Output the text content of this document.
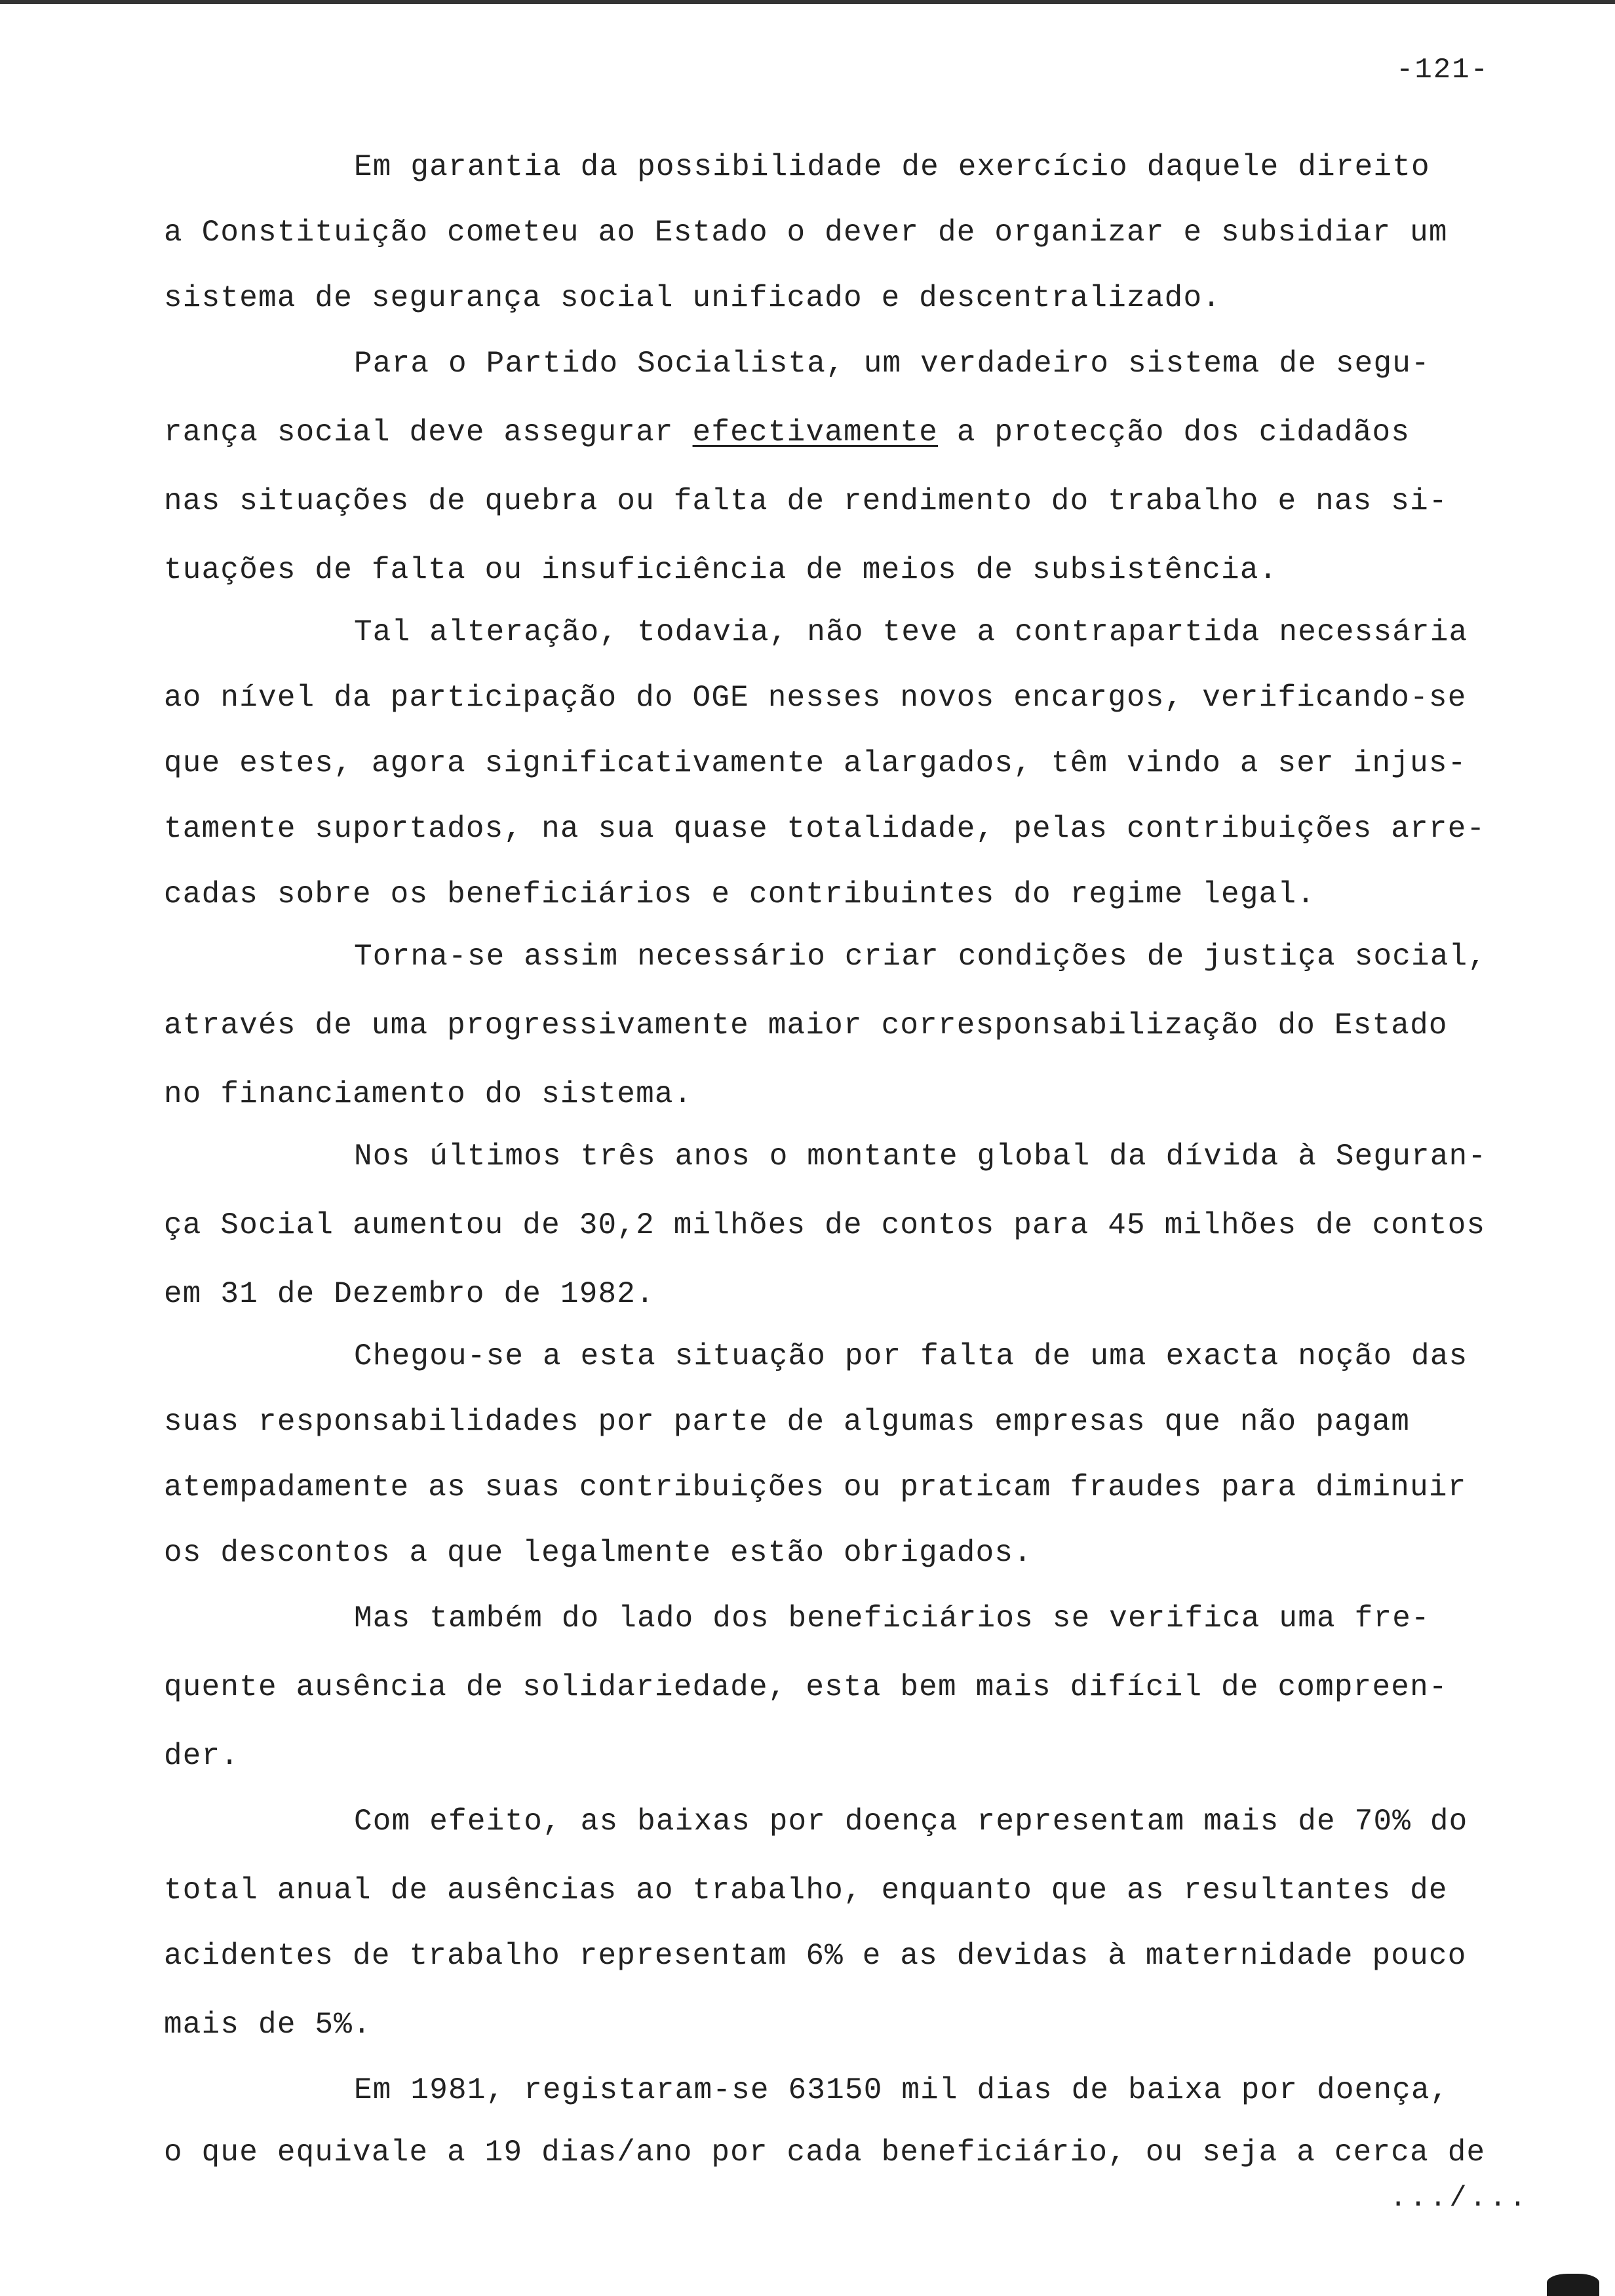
-121-
Em garantia da possibilidade de exercício daquele direito
a Constituição cometeu ao Estado o dever de organizar e subsidiar um
sistema de segurança social unificado e descentralizado.
Para o Partido Socialista, um verdadeiro sistema de segu-
rança social deve assegurar efectivamente a protecção dos cidadãos
nas situações de quebra ou falta de rendimento do trabalho e nas si-
tuações de falta ou insuficiência de meios de subsistência.
Tal alteração, todavia, não teve a contrapartida necessária
ao nível da participação do OGE nesses novos encargos, verificando-se
que estes, agora significativamente alargados, têm vindo a ser injus-
tamente suportados, na sua quase totalidade, pelas contribuições arre-
cadas sobre os beneficiários e contribuintes do regime legal.
Torna-se assim necessário criar condições de justiça social,
através de uma progressivamente maior corresponsabilização do Estado
no financiamento do sistema.
Nos últimos três anos o montante global da dívida à Seguran-
ça Social aumentou de 30,2 milhões de contos para 45 milhões de contos
em 31 de Dezembro de 1982.
Chegou-se a esta situação por falta de uma exacta noção das
suas responsabilidades por parte de algumas empresas que não pagam
atempadamente as suas contribuições ou praticam fraudes para diminuir
os descontos a que legalmente estão obrigados.
Mas também do lado dos beneficiários se verifica uma fre-
quente ausência de solidariedade, esta bem mais difícil de compreen-
der.
Com efeito, as baixas por doença representam mais de 70% do
total anual de ausências ao trabalho, enquanto que as resultantes de
acidentes de trabalho representam 6% e as devidas à maternidade pouco
mais de 5%.
Em 1981, registaram-se 63150 mil dias de baixa por doença,
o que equivale a 19 dias/ano por cada beneficiário, ou seja a cerca de
.../...
